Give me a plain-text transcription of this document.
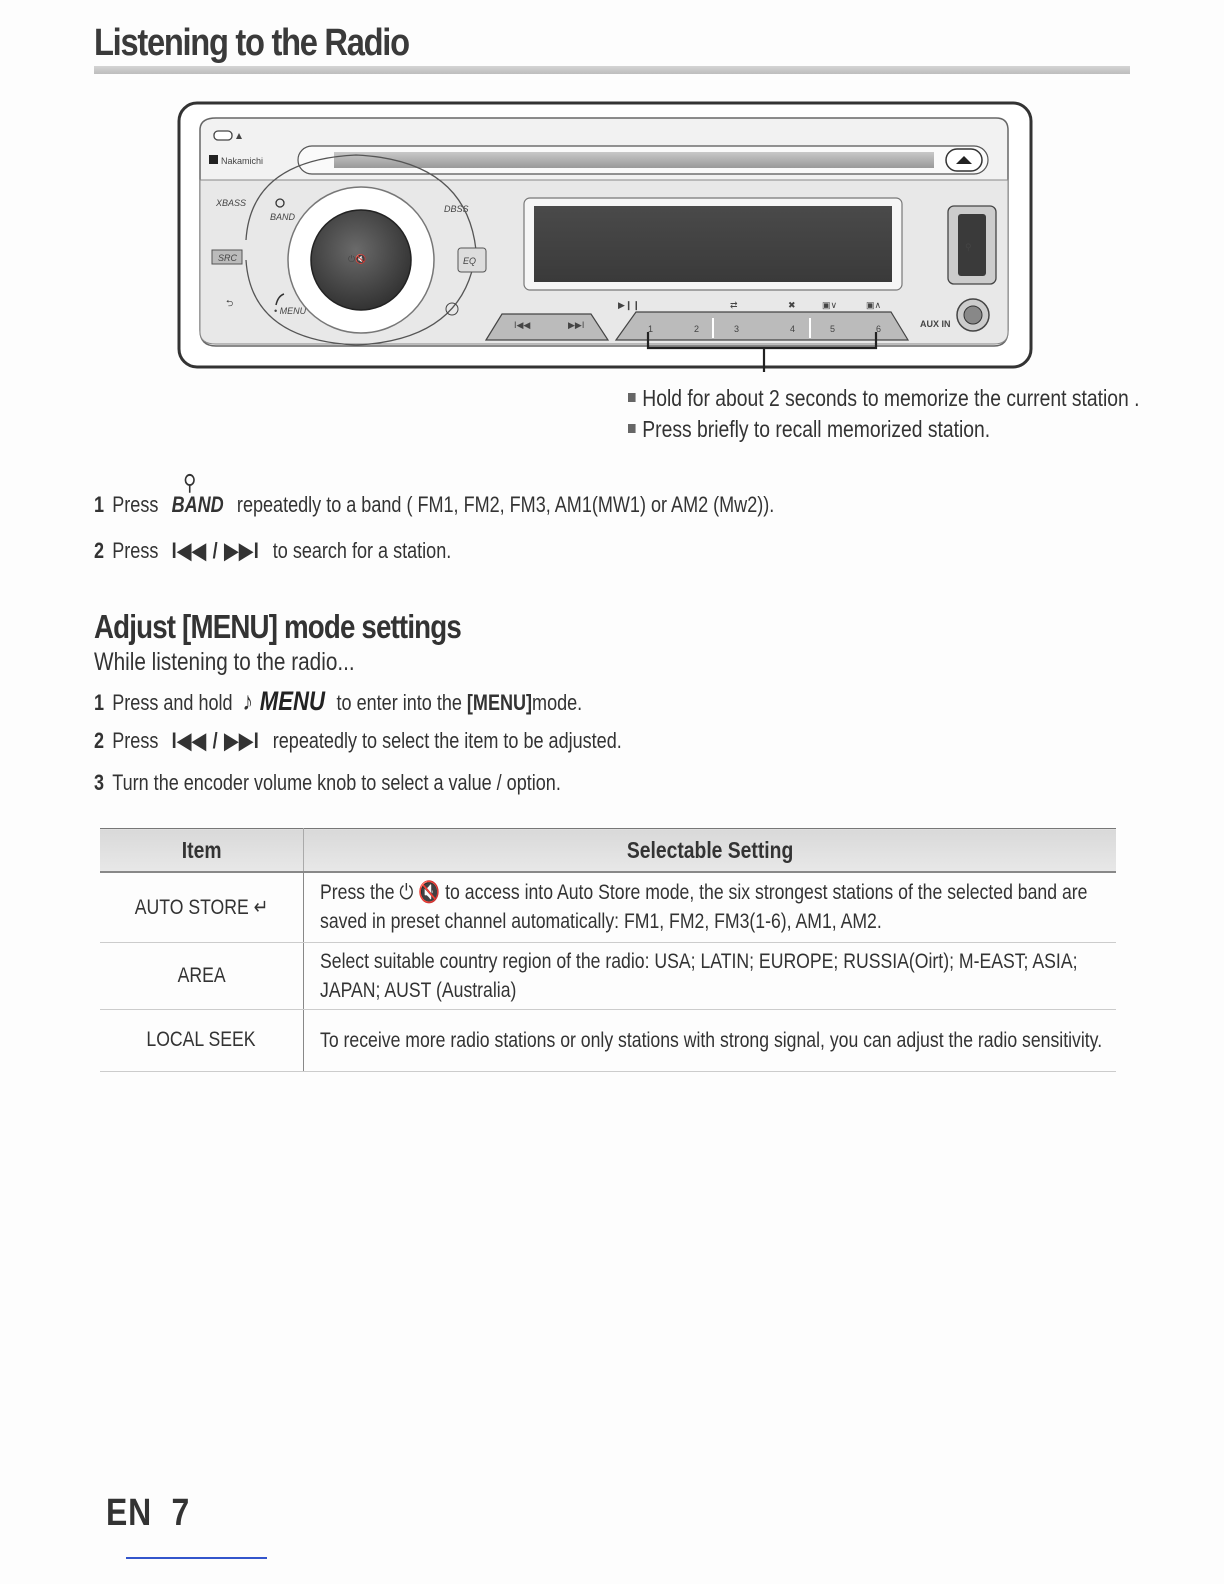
Listening to the Radio
Nakamichi
XBASS
BAND
DBSS
SRC
⮌
• MENU
⏻🔇	EQ
⚲
AUX IN
I◀◀	▶▶I	1	2	3	4	5	6
▶❙❙	⇄	✖	▣∨	▣∧
Hold for about 2 seconds to memorize the current station .
Press briefly to recall memorized station.
1 Press
⚲
BAND repeatedly to a band ( FM1, FM2, FM3, AM1(MW1) or AM2 (Mw2)).
2 Press I◀◀ / ▶▶I to search for a station.
Adjust [MENU] mode settings
While listening to the radio...
1 Press and hold ♪ MENU to enter into the [MENU]mode.
2 Press I◀◀ / ▶▶I repeatedly to select the item to be adjusted.
3 Turn the encoder volume knob to select a value / option.
Item	Selectable Setting
AUTO STORE ↵	Press the ⏻ 🔇 to access into Auto Store mode, the six strongest stations of the selected band are saved in preset channel automatically: FM1, FM2, FM3(1-6), AM1, AM2.

AREA	Select suitable country region of the radio: USA; LATIN; EUROPE; RUSSIA(Oirt); M-EAST; ASIA; JAPAN; AUST (Australia)

LOCAL SEEK	To receive more radio stations or only stations with strong signal, you can adjust the radio sensitivity.
EN  7
